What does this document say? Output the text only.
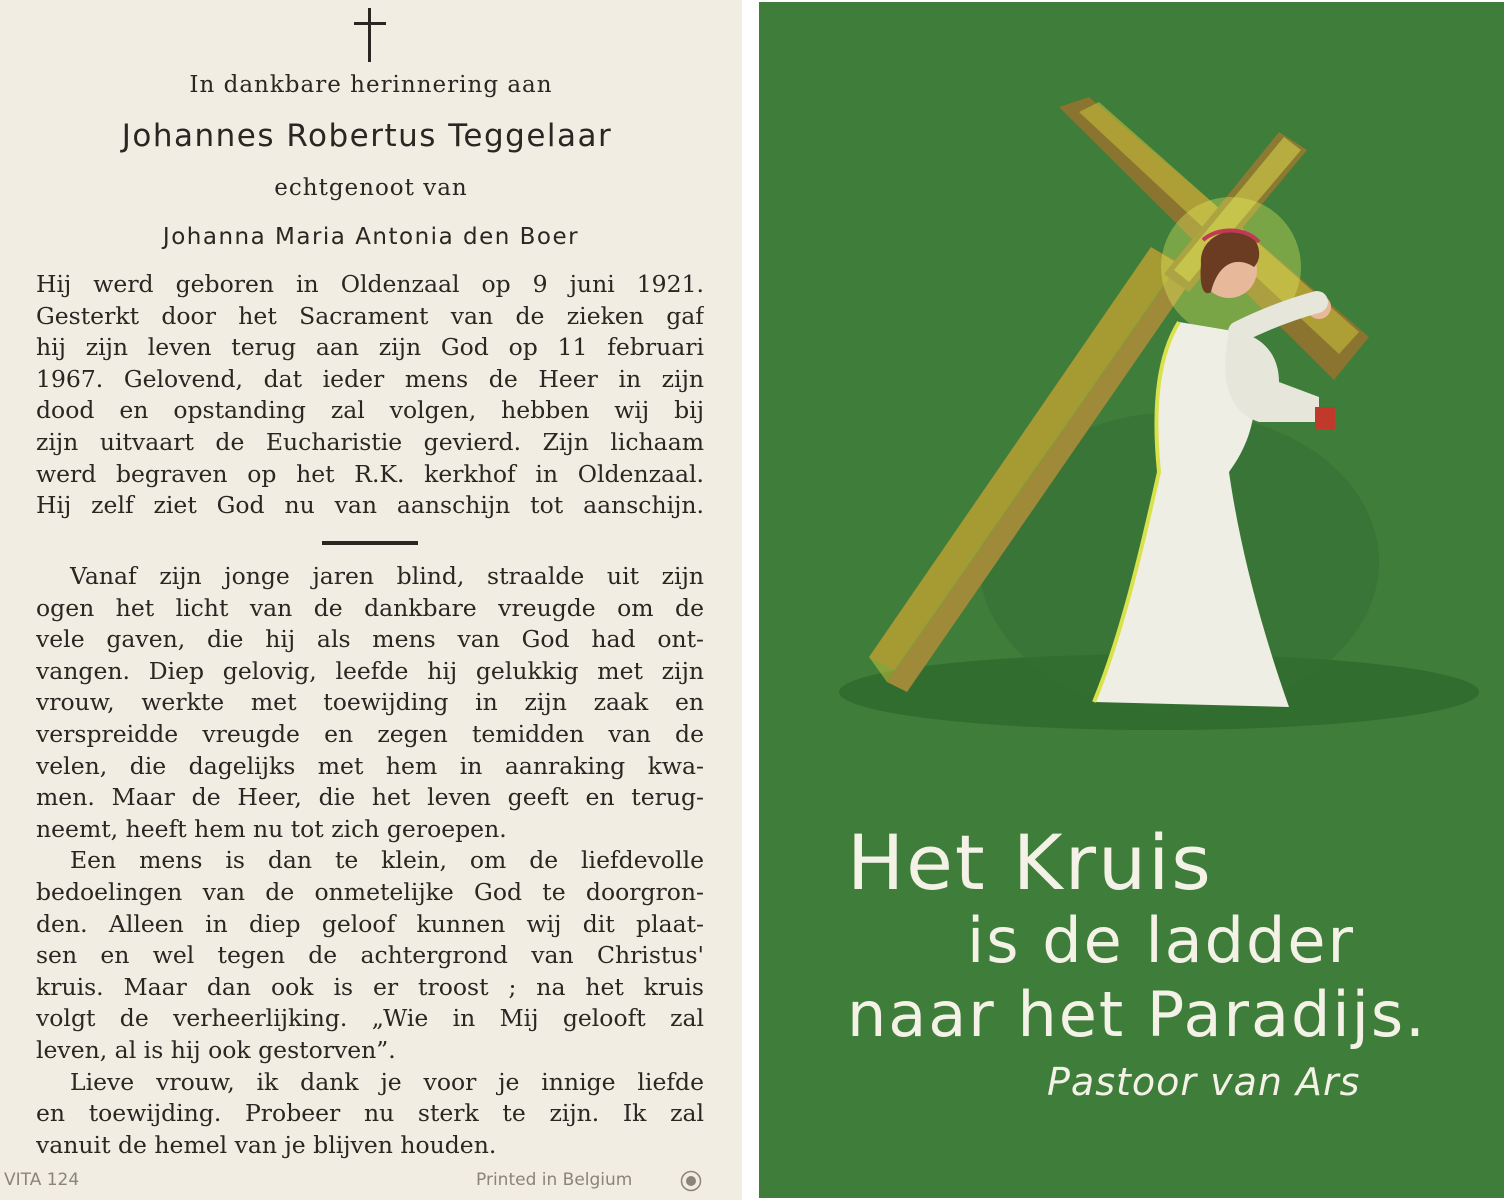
In dankbare herinnering aan
Johannes Robertus Teggelaar
echtgenoot van
Johanna Maria Antonia den Boer
Hij werd geboren in Oldenzaal op 9 juni 1921.
Gesterkt door het Sacrament van de zieken gaf
hij zijn leven terug aan zijn God op 11 februari
1967. Gelovend, dat ieder mens de Heer in zijn
dood en opstanding zal volgen, hebben wij bij
zijn uitvaart de Eucharistie gevierd. Zijn lichaam
werd begraven op het R.K. kerkhof in Oldenzaal.
Hij zelf ziet God nu van aanschijn tot aanschijn.
Vanaf zijn jonge jaren blind, straalde uit zijn
ogen het licht van de dankbare vreugde om de
vele gaven, die hij als mens van God had ont-
vangen. Diep gelovig, leefde hij gelukkig met zijn
vrouw, werkte met toewijding in zijn zaak en
verspreidde vreugde en zegen temidden van de
velen, die dagelijks met hem in aanraking kwa-
men. Maar de Heer, die het leven geeft en terug-
neemt, heeft hem nu tot zich geroepen.
Een mens is dan te klein, om de liefdevolle
bedoelingen van de onmetelijke God te doorgron-
den. Alleen in diep geloof kunnen wij dit plaat-
sen en wel tegen de achtergrond van Christus'
kruis. Maar dan ook is er troost ; na het kruis
volgt de verheerlijking. „Wie in Mij gelooft zal
leven, al is hij ook gestorven”.
Lieve vrouw, ik dank je voor je innige liefde
en toewijding. Probeer nu sterk te zijn. Ik zal
vanuit de hemel van je blijven houden.
VITA 124	Printed in Belgium
Het Kruis
is de ladder
naar het Paradijs.
Pastoor van Ars
